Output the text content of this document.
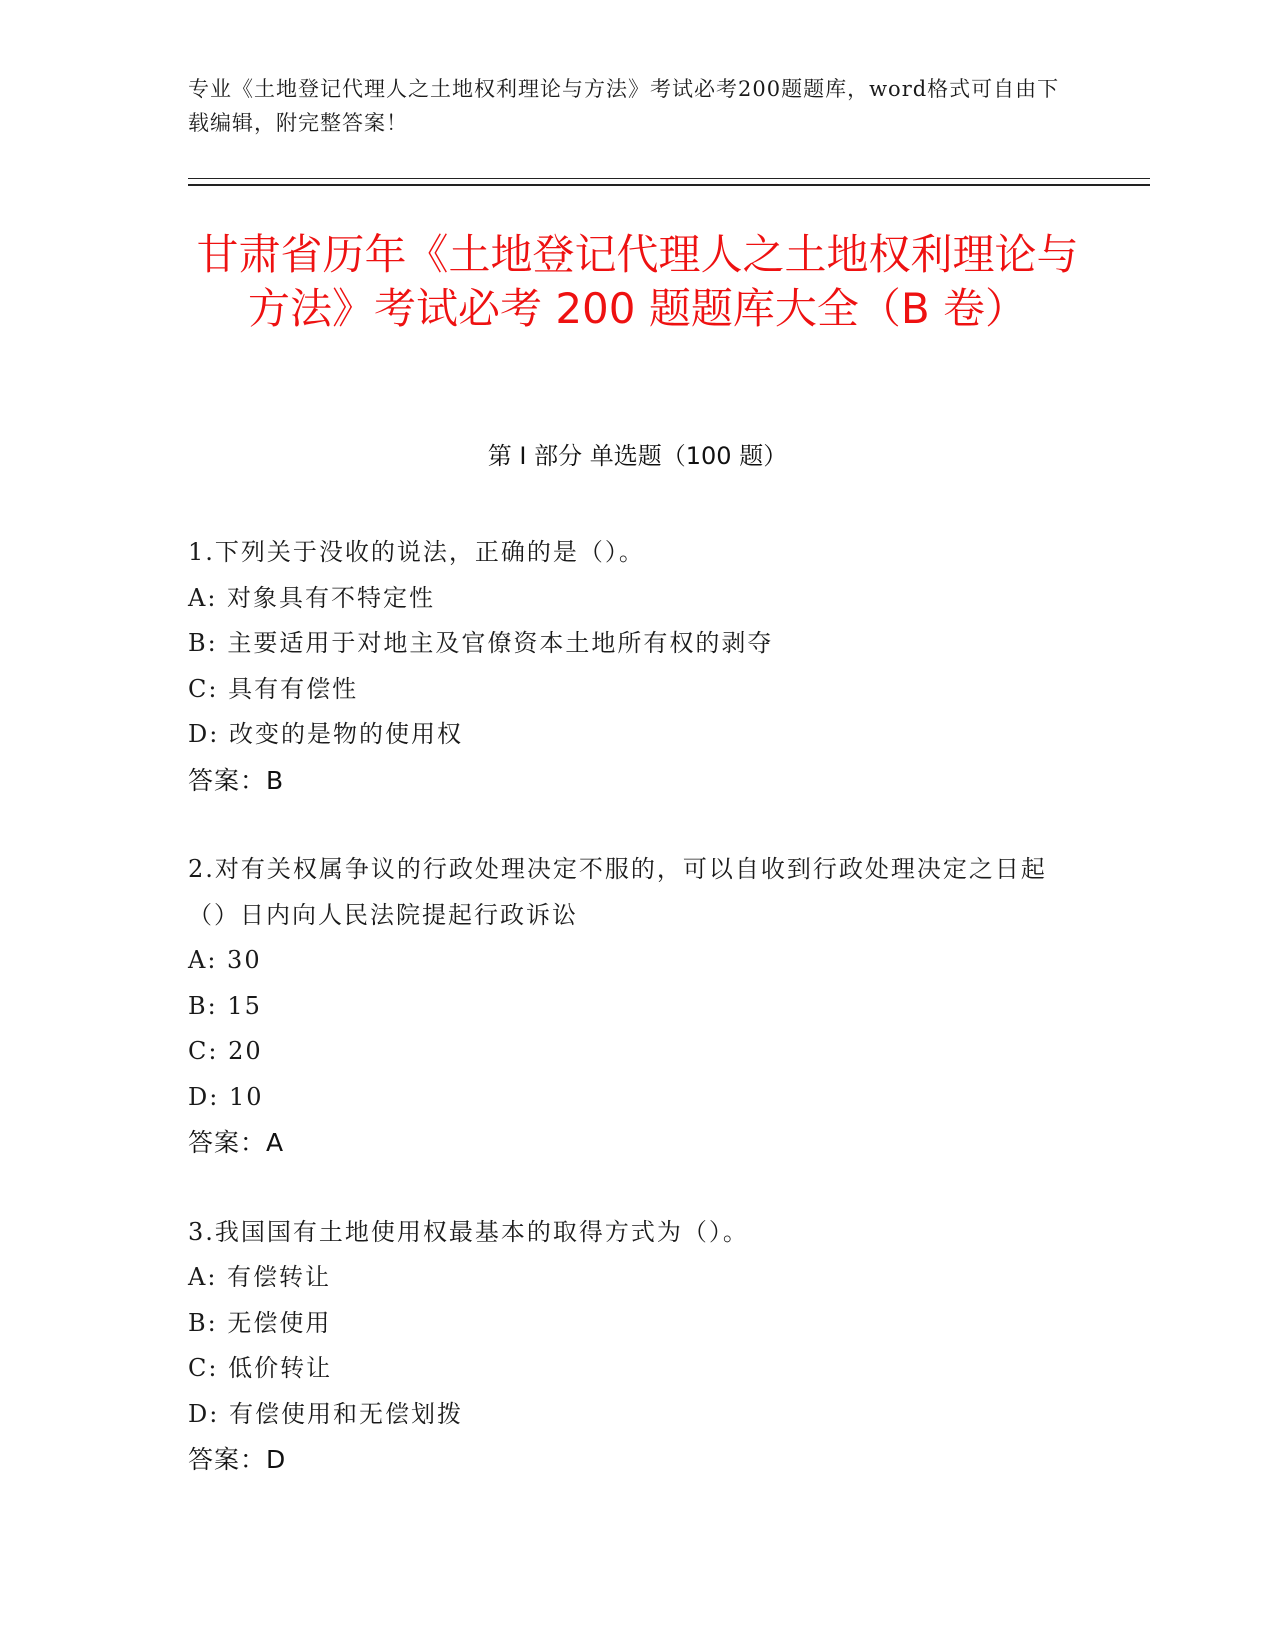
专业《土地登记代理人之土地权利理论与方法》考试必考200题题库，word格式可自由下载编辑，附完整答案！
甘肃省历年《土地登记代理人之土地权利理论与方法》考试必考 200 题题库大全（B 卷）
第 I 部分 单选题（100 题）
1.下列关于没收的说法，正确的是（）。
A: 对象具有不特定性
B: 主要适用于对地主及官僚资本土地所有权的剥夺
C: 具有有偿性
D: 改变的是物的使用权
答案：B
2.对有关权属争议的行政处理决定不服的，可以自收到行政处理决定之日起（）日内向人民法院提起行政诉讼
A: 30
B: 15
C: 20
D: 10
答案：A
3.我国国有土地使用权最基本的取得方式为（）。
A: 有偿转让
B: 无偿使用
C: 低价转让
D: 有偿使用和无偿划拨
答案：D
